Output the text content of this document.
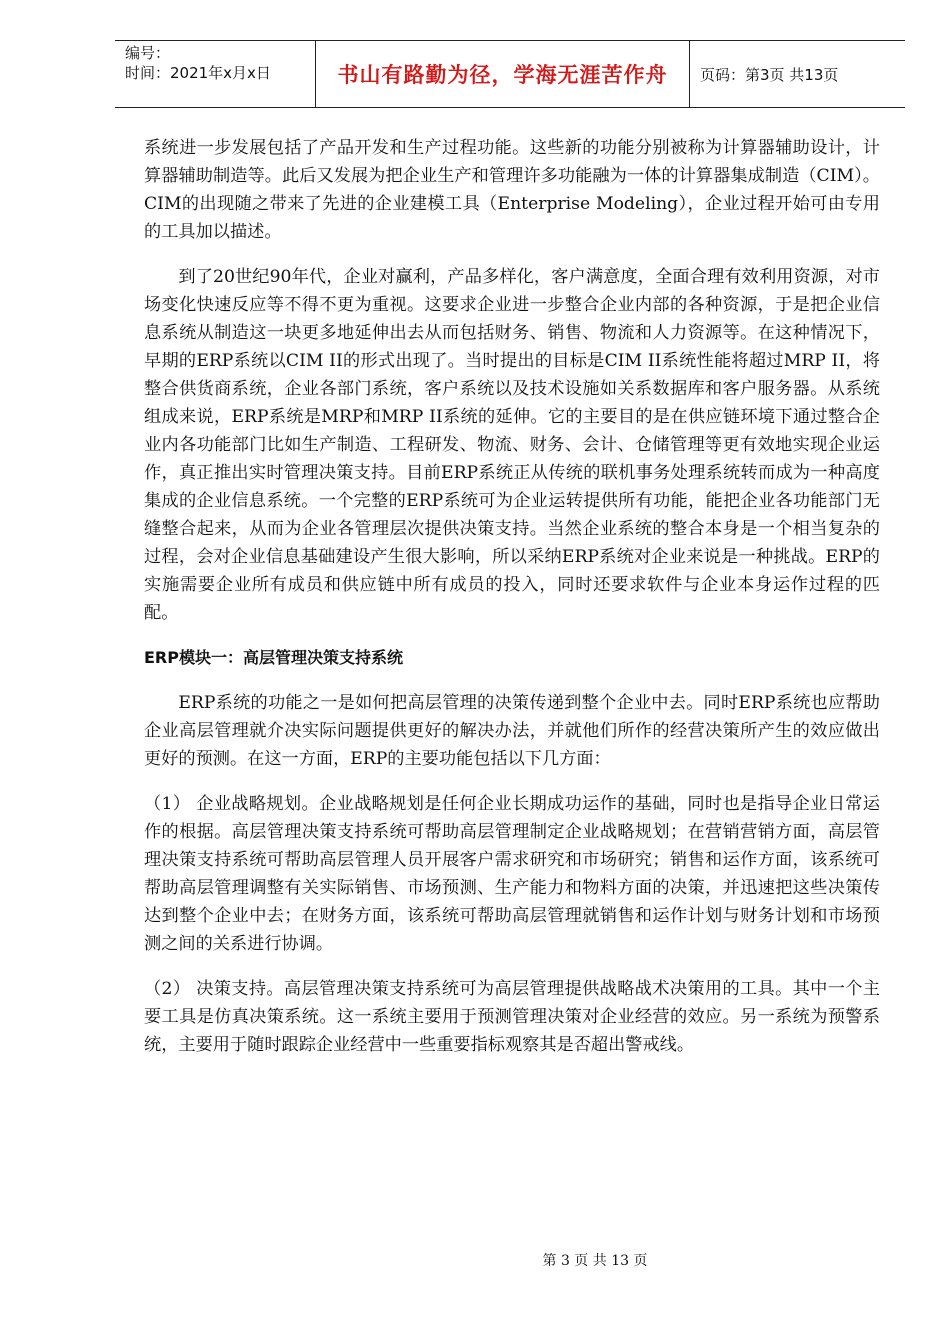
编号：
时间：2021年x月x日	书山有路勤为径，学海无涯苦作舟 页码：第3页 共13页

系统进一步发展包括了产品开发和生产过程功能。这些新的功能分别被称为计算器辅助设计，计算器辅助制造等。此后又发展为把企业生产和管理许多功能融为一体的计算器集成制造（CIM）。CIM的出现随之带来了先进的企业建模工具（Enterprise Modeling），企业过程开始可由专用的工具加以描述。

到了20世纪90年代，企业对赢利，产品多样化，客户满意度，全面合理有效利用资源，对市场变化快速反应等不得不更为重视。这要求企业进一步整合企业内部的各种资源，于是把企业信息系统从制造这一块更多地延伸出去从而包括财务、销售、物流和人力资源等。在这种情况下，早期的ERP系统以CIM II的形式出现了。当时提出的目标是CIM II系统性能将超过MRP II，将整合供货商系统，企业各部门系统，客户系统以及技术设施如关系数据库和客户服务器。从系统组成来说，ERP系统是MRP和MRP II系统的延伸。它的主要目的是在供应链环境下通过整合企业内各功能部门比如生产制造、工程研发、物流、财务、会计、仓储管理等更有效地实现企业运作，真正推出实时管理决策支持。目前ERP系统正从传统的联机事务处理系统转而成为一种高度集成的企业信息系统。一个完整的ERP系统可为企业运转提供所有功能，能把企业各功能部门无缝整合起来，从而为企业各管理层次提供决策支持。当然企业系统的整合本身是一个相当复杂的过程，会对企业信息基础建设产生很大影响，所以采纳ERP系统对企业来说是一种挑战。ERP的实施需要企业所有成员和供应链中所有成员的投入，同时还要求软件与企业本身运作过程的匹配。

ERP模块一：高层管理决策支持系统

ERP系统的功能之一是如何把高层管理的决策传递到整个企业中去。同时ERP系统也应帮助企业高层管理就介决实际问题提供更好的解决办法，并就他们所作的经营决策所产生的效应做出更好的预测。在这一方面，ERP的主要功能包括以下几方面：

（1） 企业战略规划。企业战略规划是任何企业长期成功运作的基础，同时也是指导企业日常运作的根据。高层管理决策支持系统可帮助高层管理制定企业战略规划；在营销营销方面，高层管理决策支持系统可帮助高层管理人员开展客户需求研究和市场研究；销售和运作方面，该系统可帮助高层管理调整有关实际销售、市场预测、生产能力和物料方面的决策，并迅速把这些决策传达到整个企业中去；在财务方面，该系统可帮助高层管理就销售和运作计划与财务计划和市场预测之间的关系进行协调。

（2） 决策支持。高层管理决策支持系统可为高层管理提供战略战术决策用的工具。其中一个主要工具是仿真决策系统。这一系统主要用于预测管理决策对企业经营的效应。另一系统为预警系统，主要用于随时跟踪企业经营中一些重要指标观察其是否超出警戒线。

第 3 页 共 13 页
